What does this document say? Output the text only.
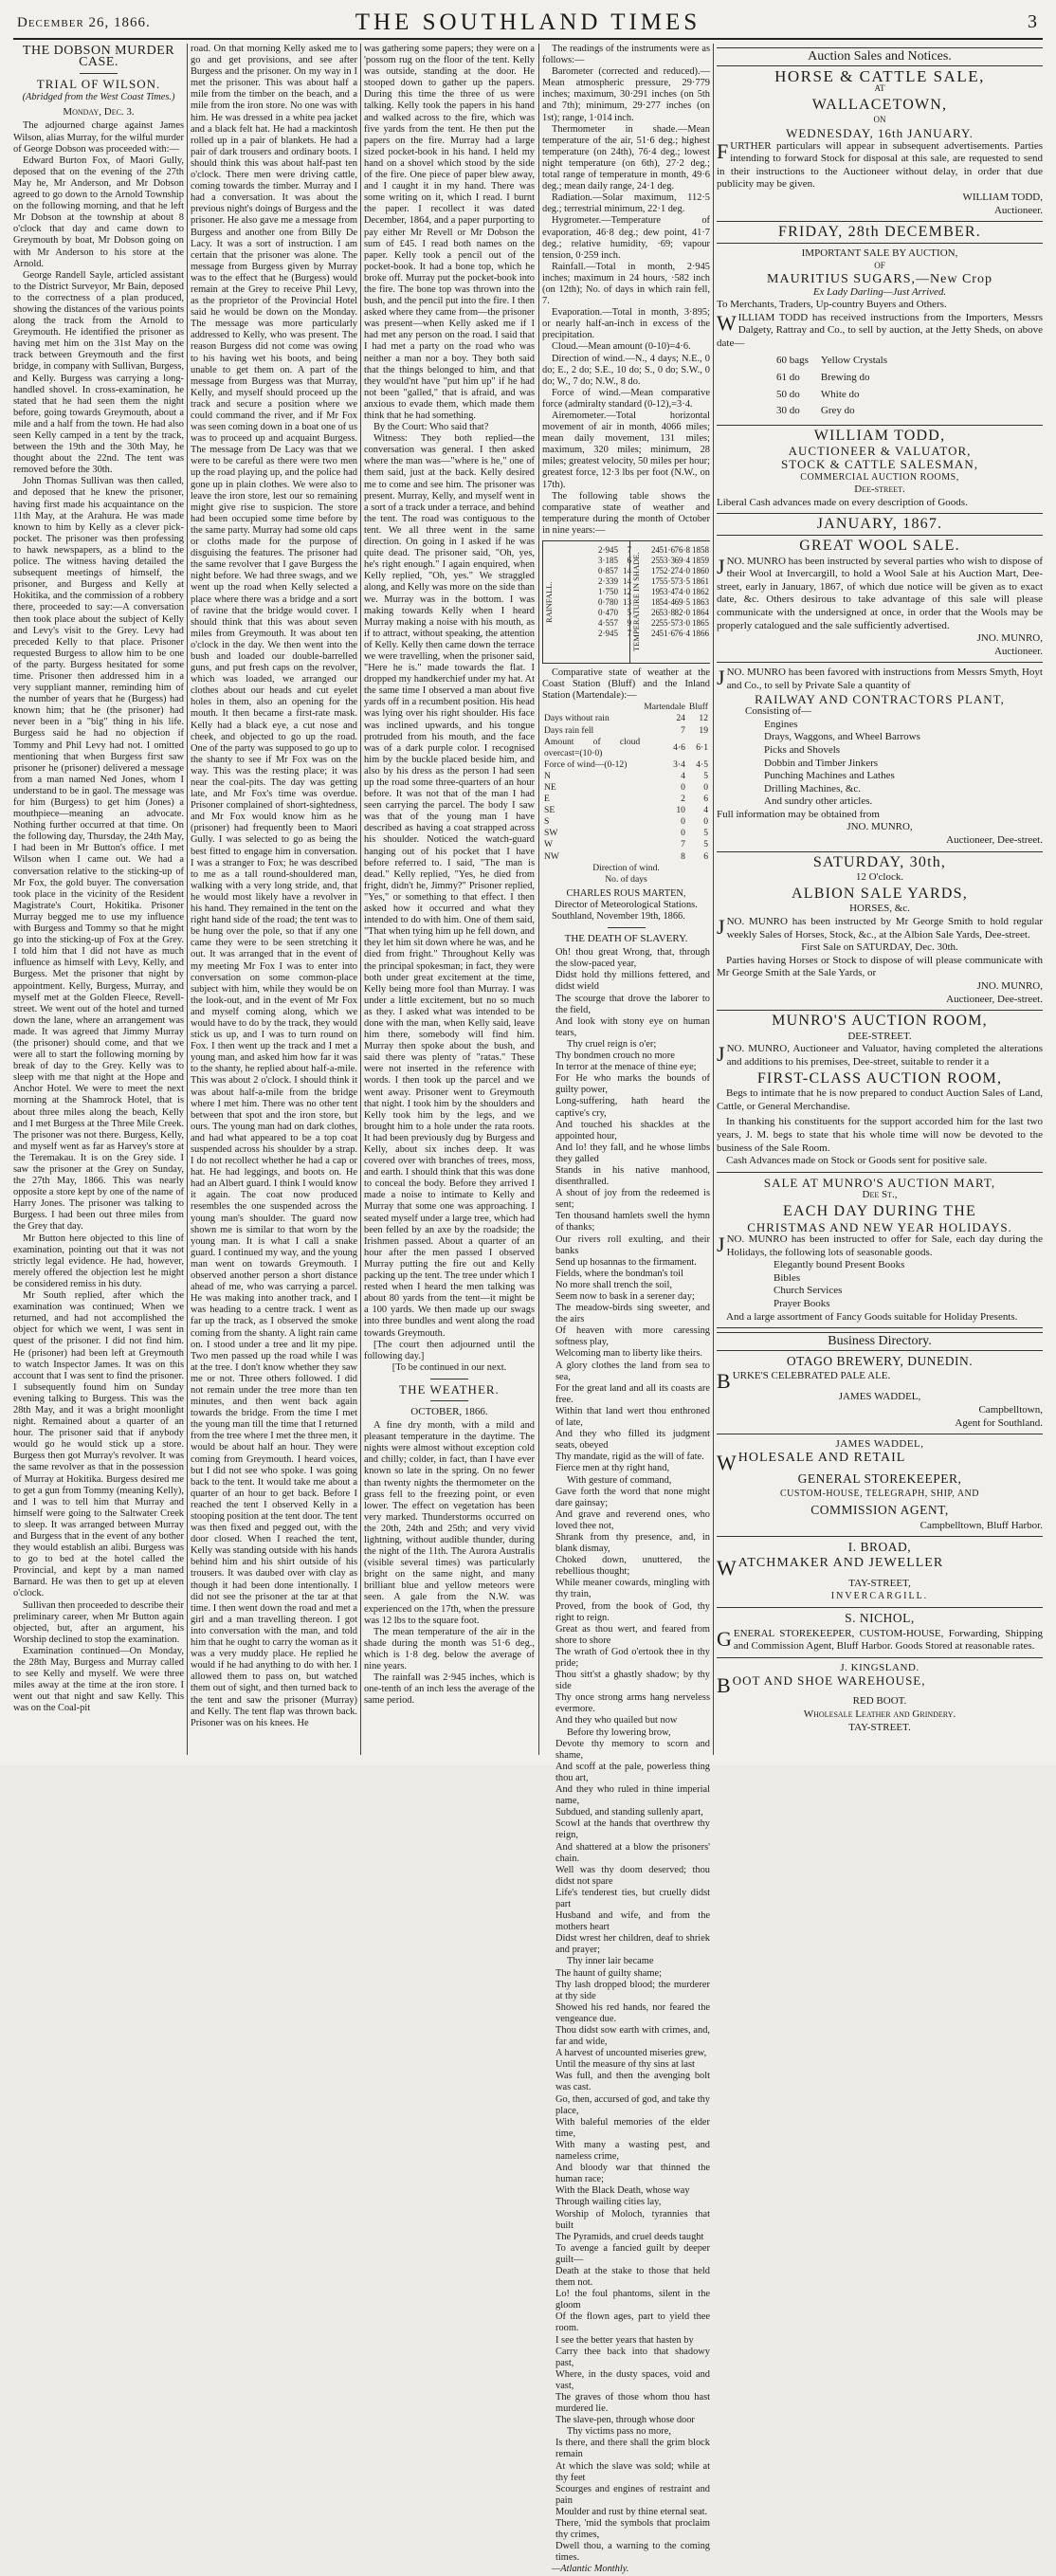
December 26, 1866.	THE SOUTHLAND TIMES	3
THE DOBSON MURDER CASE.
TRIAL OF WILSON.
(Abridged from the West Coast Times.)
Monday, Dec. 3.

The adjourned charge against James Wilson, alias Murray, for the wilful murder of George Dobson was proceeded with:—

Edward Burton Fox, of Maori Gully, deposed that on the evening of the 27th May he, Mr Anderson, and Mr Dobson agreed to go down to the Arnold Township on the following morning, and that he left Mr Dobson at the township at about 8 o'clock that day and came down to Greymouth by boat, Mr Dobson going on with Mr Anderson to his store at the Arnold.

George Randell Sayle, articled assistant to the District Surveyor, Mr Bain, deposed to the correctness of a plan produced, showing the distances of the various points along the track from the Arnold to Greymouth. He identified the prisoner as having met him on the 31st May on the track between Greymouth and the first bridge, in company with Sullivan, Burgess, and Kelly. Burgess was carrying a long-handled shovel. In cross-examination, he stated that he had seen them the night before, going towards Greymouth, about a mile and a half from the town. He had also seen Kelly camped in a tent by the track, between the 19th and the 30th May, he thought about the 22nd. The tent was removed before the 30th.

John Thomas Sullivan was then called, and deposed that he knew the prisoner, having first made his acquaintance on the 11th May, at the Arahura. He was made known to him by Kelly as a clever pick-pocket. The prisoner was then professing to hawk newspapers, as a blind to the police. The witness having detailed the subsequent meetings of himself, the prisoner, and Burgess and Kelly at Hokitika, and the commission of a robbery there, proceeded to say:—A conversation then took place about the subject of Kelly and Levy's visit to the Grey. Levy had preceded Kelly to that place. Prisoner requested Burgess to allow him to be one of the party. Burgess hesitated for some time. Prisoner then addressed him in a very suppliant manner, reminding him of the number of years that he (Burgess) had known him; that he (the prisoner) had never been in a "big" thing in his life. Burgess said he had no objection if Tommy and Phil Levy had not. I omitted mentioning that when Burgess first saw prisoner he (prisoner) delivered a message from a man named Ned Jones, whom I understand to be in gaol. The message was for him (Burgess) to get him (Jones) a mouthpiece—meaning an advocate. Nothing further occurred at that time. On the following day, Thursday, the 24th May, I had been in Mr Button's office. I met Wilson when I came out. We had a conversation relative to the sticking-up of Mr Fox, the gold buyer. The conversation took place in the vicinity of the Resident Magistrate's Court, Hokitika. Prisoner Murray begged me to use my influence with Burgess and Tommy so that he might go into the sticking-up of Fox at the Grey. I told him that I did not have as much influence as himself with Levy, Kelly, and Burgess. Met the prisoner that night by appointment. Kelly, Burgess, Murray, and myself met at the Golden Fleece, Revell-street. We went out of the hotel and turned down the lane, where an arrangement was made. It was agreed that Jimmy Murray (the prisoner) should come, and that we were all to start the following morning by break of day to the Grey. Kelly was to sleep with me that night at the Hope and Anchor Hotel. We were to meet the next morning at the Shamrock Hotel, that is about three miles along the beach, Kelly and I met Burgess at the Three Mile Creek. The prisoner was not there. Burgess, Kelly, and myself went as far as Harvey's store at the Teremakau. It is on the Grey side. I saw the prisoner at the Grey on Sunday, the 27th May, 1866. This was nearly opposite a store kept by one of the name of Harry Jones. The prisoner was talking to Burgess. I had been out three miles from the Grey that day.

Mr Button here objected to this line of examination, pointing out that it was not strictly legal evidence. He had, however, merely offered the objection lest he might be considered remiss in his duty.

Mr South replied, after which the examination was continued; When we returned, and had not accomplished the object for which we went, I was sent in quest of the prisoner. I did not find him. He (prisoner) had been left at Greymouth to watch Inspector James. It was on this account that I was sent to find the prisoner. I subsequently found him on Sunday evening talking to Burgess. This was the 28th May, and it was a bright moonlight night. Remained about a quarter of an hour. The prisoner said that if anybody would go he would stick up a store. Burgess then got Murray's revolver. It was the same revolver as that in the possession of Murray at Hokitika. Burgess desired me to get a gun from Tommy (meaning Kelly), and I was to tell him that Murray and himself were going to the Saltwater Creek to sleep. It was arranged between Murray and Burgess that in the event of any bother they would establish an alibi. Burgess was to go to bed at the hotel called the Provincial, and kept by a man named Barnard. He was then to get up at eleven o'clock.

Sullivan then proceeded to describe their preliminary career, when Mr Button again objected, but, after an argument, his Worship declined to stop the examination.

Examination continued—On Monday, the 28th May, Burgess and Murray called to see Kelly and myself. We were three miles away at the time at the iron store. I went out that night and saw Kelly. This was on the Coal-pit

road. On that morning Kelly asked me to go and get provisions, and see after Burgess and the prisoner. On my way in I met the prisoner. This was about half a mile from the timber on the beach, and a mile from the iron store. No one was with him. He was dressed in a white pea jacket and a black felt hat. He had a mackintosh rolled up in a pair of blankets. He had a pair of dark trousers and ordinary boots. I should think this was about half-past ten o'clock. There men were driving cattle, coming towards the timber. Murray and I had a conversation. It was about the previous night's doings of Burgess and the prisoner. He also gave me a message from Burgess and another one from Billy De Lacy. It was a sort of instruction. I am certain that the prisoner was alone. The message from Burgess given by Murray was to the effect that he (Burgess) would remain at the Grey to receive Phil Levy, as the proprietor of the Provincial Hotel said he would be down on the Monday. The message was more particularly addressed to Kelly, who was present. The reason Burgess did not come was owing to his having wet his boots, and being unable to get them on. A part of the message from Burgess was that Murray, Kelly, and myself should proceed up the track and secure a position where we could command the river, and if Mr Fox was seen coming down in a boat one of us was to proceed up and acquaint Burgess. The message from De Lacy was that we were to be careful as there were two men up the road playing up, and the police had gone up in plain clothes. We were also to leave the iron store, lest our so remaining might give rise to suspicion. The store had been occupied some time before by the same party. Murray had some old caps or cloths made for the purpose of disguising the features. The prisoner had the same revolver that I gave Burgess the night before. We had three swags, and we went up the road when Kelly selected a place where there was a bridge and a sort of ravine that the bridge would cover. I should think that this was about seven miles from Greymouth. It was about ten o'clock in the day. We then went into the bush and loaded our double-barrelled guns, and put fresh caps on the revolver, which was loaded, we arranged our clothes about our heads and cut eyelet holes in them, also an opening for the mouth. It then became a first-rate mask. Kelly had a black eye, a cut nose and cheek, and objected to go up the road. One of the party was supposed to go up to the shanty to see if Mr Fox was on the way. This was the resting place; it was near the coal-pits. The day was getting late, and Mr Fox's time was overdue. Prisoner complained of short-sightedness, and Mr Fox would know him as he (prisoner) had frequently been to Maori Gully. I was selected to go as being the best fitted to engage him in conversation. I was a stranger to Fox; he was described to me as a tall round-shouldered man, walking with a very long stride, and, that he would most likely have a revolver in his hand. They remained in the tent on the right hand side of the road; the tent was to be hung over the pole, so that if any one came they were to be seen stretching it out. It was arranged that in the event of my meeting Mr Fox I was to enter into conversation on some common-place subject with him, while they would be on the look-out, and in the event of Mr Fox and myself coming along, which we would have to do by the track, they would stick us up, and I was to turn round on Fox. I then went up the track and I met a young man, and asked him how far it was to the shanty, he replied about half-a-mile. This was about 2 o'clock. I should think it was about half-a-mile from the bridge where I met him. There was no other tent between that spot and the iron store, but ours. The young man had on dark clothes, and had what appeared to be a top coat suspended across his shoulder by a strap. I do not recollect whether he had a cap or hat. He had leggings, and boots on. He had an Albert guard. I think I would know it again. The coat now produced resembles the one suspended across the young man's shoulder. The guard now shown me is similar to that worn by the young man. It is what I call a snake guard. I continued my way, and the young man went on towards Greymouth. I observed another person a short distance ahead of me, who was carrying a parcel. He was making into another track, and I was heading to a centre track. I went as far up the track, as I observed the smoke coming from the shanty. A light rain came on. I stood under a tree and lit my pipe. Two men passed up the road while I was at the tree. I don't know whether they saw me or not. Three others followed. I did not remain under the tree more than ten minutes, and then went back again towards the bridge. From the time I met the young man till the time that I returned from the tree where I met the three men, it would be about half an hour. They were coming from Greymouth. I heard voices, but I did not see who spoke. I was going back to the tent. It would take me about a quarter of an hour to get back. Before I reached the tent I observed Kelly in a stooping position at the tent door. The tent was then fixed and pegged out, with the door closed. When I reached the tent, Kelly was standing outside with his hands behind him and his shirt outside of his trousers. It was daubed over with clay as though it had been done intentionally. I did not see the prisoner at the tar at that time. I then went down the road and met a girl and a man travelling thereon. I got into conversation with the man, and told him that he ought to carry the woman as it was a very muddy place. He replied he would if he had anything to do with her. I allowed them to pass on, but watched them out of sight, and then turned back to the tent and saw the prisoner (Murray) and Kelly. The tent flap was thrown back. Prisoner was on his knees. He

was gathering some papers; they were on a 'possom rug on the floor of the tent. Kelly was outside, standing at the door. He stooped down to gather up the papers. During this time the three of us were talking. Kelly took the papers in his hand and walked across to the fire, which was five yards from the tent. He then put the papers on the fire. Murray had a large sized pocket-book in his hand. I held my hand on a shovel which stood by the side of the fire. One piece of paper blew away, and I caught it in my hand. There was some writing on it, which I read. I burnt the paper. I recollect it was dated December, 1864, and a paper purporting to pay either Mr Revell or Mr Dobson the sum of £45. I read both names on the paper. Kelly took a pencil out of the pocket-book. It had a bone top, which he broke off. Murray put the pocket-book into the fire. The bone top was thrown into the bush, and the pencil put into the fire. I then asked where they came from—the prisoner was present—when Kelly asked me if I had met any person on the road. I said that I had met a party on the road who was neither a man nor a boy. They both said that the things belonged to him, and that they would'nt have "put him up" if he had not been "galled," that is afraid, and was anxious to evade them, which made them think that he had something.

By the Court: Who said that?

Witness: They both replied—the conversation was general. I then asked where the man was—"where is he," one of them said, just at the back. Kelly desired me to come and see him. The prisoner was present. Murray, Kelly, and myself went in a sort of a track under a terrace, and behind the tent. The road was contiguous to the tent. We all three went in the same direction. On going in I asked if he was quite dead. The prisoner said, "Oh, yes, he's right enough." I again enquired, when Kelly replied, "Oh, yes." We straggled along, and Kelly was more on the side than we. Murray was in the bottom. I was making towards Kelly when I heard Murray making a noise with his mouth, as if to attract, without speaking, the attention of Kelly. Kelly then came down the terrace we were travelling, when the prisoner said, "Here he is." made towards the flat. I dropped my handkerchief under my hat. At the same time I observed a man about five yards off in a recumbent position. His head was lying over his right shoulder. His face was inclined upwards, and his tongue protruded from his mouth, and the face was of a dark purple color. I recognised him by the buckle placed beside him, and also by his dress as the person I had seen up the road some three-quarters of an hour before. It was not that of the man I had seen carrying the parcel. The body I saw was that of the young man I have described as having a coat strapped across his shoulder. Noticed the watch-guard hanging out of his pocket that I have before referred to. I said, "The man is dead." Kelly replied, "Yes, he died from fright, didn't he, Jimmy?" Prisoner replied, "Yes," or something to that effect. I then asked how it occurred and what they intended to do with him. One of them said, "That when tying him up he fell down, and they let him sit down where he was, and he died from fright." Throughout Kelly was the principal spokesman; in fact, they were both under great excitement at the time, Kelly being more fool than Murray. I was under a little excitement, but no so much as they. I asked what was intended to be done with the man, when Kelly said, leave him there, somebody will find him. Murray then spoke about the bush, and said there was plenty of "ratas." These were not inserted in the reference with words. I then took up the parcel and we went away. Prisoner went to Greymouth that night. I took him by the shoulders and Kelly took him by the legs, and we brought him to a hole under the rata roots. It had been previously dug by Burgess and Kelly, about six inches deep. It was covered over with branches of trees, moss, and earth. I should think that this was done to conceal the body. Before they arrived I made a noise to intimate to Kelly and Murray that some one was approaching. I seated myself under a large tree, which had been felled by an axe by the roadside; the Irishmen passed. About a quarter of an hour after the men passed I observed Murray putting the fire out and Kelly packing up the tent. The tree under which I rested when I heard the men talking was about 80 yards from the tent—it might be a 100 yards. We then made up our swags into three bundles and went along the road towards Greymouth.

[The court then adjourned until the following day.]

[To be continued in our next.

THE WEATHER.
OCTOBER, 1866.

A fine dry month, with a mild and pleasant temperature in the daytime. The nights were almost without exception cold and chilly; colder, in fact, than I have ever known so late in the spring. On no fewer than twenty nights the thermometer on the grass fell to the freezing point, or even lower. The effect on vegetation has been very marked. Thunderstorms occurred on the 20th, 24th and 25th; and very vivid lightning, without audible thunder, during the night of the 11th. The Aurora Australis (visible several times) was particularly bright on the same night, and many brilliant blue and yellow meteors were seen. A gale from the N.W. was experienced on the 17th, when the pressure was 12 lbs to the square foot.

The mean temperature of the air in the shade during the month was 51·6 deg., which is 1·8 deg. below the average of nine years.

The rainfall was 2·945 inches, which is one-tenth of an inch less the average of the same period.

The readings of the instruments were as follows:—

Barometer (corrected and reduced).—Mean atmospheric pressure, 29·779 inches; maximum, 30·291 inches (on 5th and 7th); minimum, 29·277 inches (on 1st); range, 1·014 inch.

Thermometer in shade.—Mean temperature of the air, 51·6 deg.; highest temperature (on 24th), 76·4 deg.; lowest night temperature (on 6th), 27·2 deg.; total range of temperature in month, 49·6 deg.; mean daily range, 24·1 deg.

Radiation.—Solar maximum, 112·5 deg.; terrestrial minimum, 22·1 deg.

Hygrometer.—Temperature of evaporation, 46·8 deg.; dew point, 41·7 deg.; relative humidity, ·69; vapour tension, 0·259 inch.

Rainfall.—Total in month, 2·945 inches; maximum in 24 hours, ·582 inch (on 12th); No. of days in which rain fell, 7.

Evaporation.—Total in month, 3·895; or nearly half-an-inch in excess of the precipitation.

Cloud.—Mean amount (0-10)=4·6.

Direction of wind.—N., 4 days; N.E., 0 do; E., 2 do; S.E., 10 do; S., 0 do; S.W., 0 do; W., 7 do; N.W., 8 do.

Force of wind.—Mean comparative force (admiralty standard (0-12),=3·4.

Airemometer.—Total horizontal movement of air in month, 4066 miles; mean daily movement, 131 miles; maximum, 320 miles; minimum, 28 miles; greatest velocity, 50 miles per hour; greatest force, 12·3 lbs per foot (N.W., on 17th).

The following table shows the comparative state of weather and temperature during the month of October in nine years:—

RAINFALL.	TEMPERATURE IN SHADE.
2·945
3·185
0·857
2·339
1·750
0·780
0·470
4·557
2·945
7
6
14
14
12
13
5
9
7
24
25
17
17
19
18
26
22
24
51·6
53·3
52·2
55·5
53·4
54·4
53·8
55·5
51·6
76·8
69·4
74·0
73·5
74·0
69·5
82·0
73·0
76·4
1858
1859
1860
1861
1862
1863
1864
1865
1866

Comparative state of weather at the Coast Station (Bluff) and the Inland Station (Martendale):—

	Martendale	Bluff
Days without rain	24	12
Days rain fell	7	19
Amount of cloud overcast=(10·0)	4·6	6·1
Force of wind—(0-12)	3·4	4·5
N	4	5
NE	0	0
E	2	6
SE	10	4
S	0	0
SW	0	5
W	7	5
NW	8	6

Direction of wind.

No. of days

CHARLES ROUS MARTEN,

Director of Meteorological Stations.

Southland, November 19th, 1866.

THE DEATH OF SLAVERY.

Oh! thou great Wrong, that, through the slow-paced year,

Didst hold thy millions fettered, and didst wield

The scourge that drove the laborer to the field,

And look with stony eye on human tears,

Thy cruel reign is o'er;

Thy bondmen crouch no more

In terror at the menace of thine eye;

For He who marks the bounds of guilty power,

Long-suffering, hath heard the captive's cry,

And touched his shackles at the appointed hour,

And lo! they fall, and he whose limbs they galled

Stands in his native manhood, disenthralled.

A shout of joy from the redeemed is sent;

Ten thousand hamlets swell the hymn of thanks;

Our rivers roll exulting, and their banks

Send up hosannas to the firmament.

Fields, where the bondman's toil

No more shall trench the soil,

Seem now to bask in a serener day;

The meadow-birds sing sweeter, and the airs

Of heaven with more caressing softness play,

Welcoming man to liberty like theirs.

A glory clothes the land from sea to sea,

For the great land and all its coasts are free.

Within that land wert thou enthroned of late,

And they who filled its judgment seats, obeyed

Thy mandate, rigid as the will of fate.

Fierce men at thy right hand,

With gesture of command,

Gave forth the word that none might dare gainsay;

And grave and reverend ones, who loved thee not,

Shrank from thy presence, and, in blank dismay,

Choked down, unuttered, the rebellious thought;

While meaner cowards, mingling with thy train,

Proved, from the book of God, thy right to reign.

Great as thou wert, and feared from shore to shore

The wrath of God o'ertook thee in thy pride;

Thou sitt'st a ghastly shadow; by thy side

Thy once strong arms hang nerveless evermore.

And they who quailed but now

Before thy lowering brow,

Devote thy memory to scorn and shame,

And scoff at the pale, powerless thing thou art,

And they who ruled in thine imperial name,

Subdued, and standing sullenly apart,

Scowl at the hands that overthrew thy reign,

And shattered at a blow the prisoners' chain.

Well was thy doom deserved; thou didst not spare

Life's tenderest ties, but cruelly didst part

Husband and wife, and from the mothers heart

Didst wrest her children, deaf to shriek and prayer;

Thy inner lair became

The haunt of guilty shame;

Thy lash dropped blood; the murderer at thy side

Showed his red hands, nor feared the vengeance due.

Thou didst sow earth with crimes, and, far and wide,

A harvest of uncounted miseries grew,

Until the measure of thy sins at last

Was full, and then the avenging bolt was cast.

Go, then, accursed of god, and take thy place,

With baleful memories of the elder time,

With many a wasting pest, and nameless crime,

And bloody war that thinned the human race;

With the Black Death, whose way

Through wailing cities lay,

Worship of Moloch, tyrannies that built

The Pyramids, and cruel deeds taught

To avenge a fancied guilt by deeper guilt—

Death at the stake to those that held them not.

Lo! the foul phantoms, silent in the gloom

Of the flown ages, part to yield thee room.

I see the better years that hasten by

Carry thee back into that shadowy past,

Where, in the dusty spaces, void and vast,

The graves of those whom thou hast murdered lie.

The slave-pen, through whose door

Thy victims pass no more,

Is there, and there shall the grim block remain

At which the slave was sold; while at thy feet

Scourges and engines of restraint and pain

Moulder and rust by thine eternal seat.

There, 'mid the symbols that proclaim thy crimes,

Dwell thou, a warning to the coming times.

—Atlantic Monthly.

Auction Sales and Notices.
HORSE & CATTLE SALE,

AT

WALLACETOWN,

ON

WEDNESDAY, 16th JANUARY.

FURTHER particulars will appear in subsequent advertisements. Parties intending to forward Stock for disposal at this sale, are requested to send in their instructions to the Auctioneer without delay, in order that due publicity may be given.

WILLIAM TODD,

Auctioneer.

FRIDAY, 28th DECEMBER.

IMPORTANT SALE BY AUCTION,

OF

MAURITIUS SUGARS,—New Crop

Ex Lady Darling—Just Arrived.

To Merchants, Traders, Up-country Buyers and Others.

WILLIAM TODD has received instructions from the Importers, Messrs Dalgety, Rattray and Co., to sell by auction, at the Jetty Sheds, on above date—

60 bags	Yellow Crystals
61 do	Brewing do
50 do	White do
30 do	Grey do
WILLIAM TODD,
AUCTIONEER & VALUATOR,
STOCK & CATTLE SALESMAN,
COMMERCIAL AUCTION ROOMS,

Dee-street.

Liberal Cash advances made on every description of Goods.

JANUARY, 1867.
GREAT WOOL SALE.

JNO. MUNRO has been instructed by several parties who wish to dispose of their Wool at Invercargill, to hold a Wool Sale at his Auction Mart, Dee-street, early in January, 1867, of which due notice will be given as to exact date, &c. Others desirous to take advantage of this sale will please communicate with the undersigned at once, in order that the Wools may be properly catalogued and the sale sufficiently advertised.

JNO. MUNRO,

Auctioneer.

JNO. MUNRO has been favored with instructions from Messrs Smyth, Hoyt and Co., to sell by Private Sale a quantity of

RAILWAY AND CONTRACTORS PLANT,

Consisting of—

Engines

Drays, Waggons, and Wheel Barrows

Picks and Shovels

Dobbin and Timber Jinkers

Punching Machines and Lathes

Drilling Machines, &c.

And sundry other articles.

Full information may be obtained from

JNO. MUNRO,

Auctioneer, Dee-street.

SATURDAY, 30th,

12 O'clock.

ALBION SALE YARDS,

HORSES, &c.

JNO. MUNRO has been instructed by Mr George Smith to hold regular weekly Sales of Horses, Stock, &c., at the Albion Sale Yards, Dee-street.

First Sale on SATURDAY, Dec. 30th.

Parties having Horses or Stock to dispose of will please communicate with Mr George Smith at the Sale Yards, or

JNO. MUNRO,

Auctioneer, Dee-street.

MUNRO'S AUCTION ROOM,

DEE-STREET.

JNO. MUNRO, Auctioneer and Valuator, having completed the alterations and additions to his premises, Dee-street, suitable to render it a

FIRST-CLASS AUCTION ROOM,

Begs to intimate that he is now prepared to conduct Auction Sales of Land, Cattle, or General Merchandise.

In thanking his constituents for the support accorded him for the last two years, J. M. begs to state that his whole time will now be devoted to the business of the Sale Room.

Cash Advances made on Stock or Goods sent for positive sale.

SALE AT MUNRO'S AUCTION MART,

Dee St.,

EACH DAY DURING THE
CHRISTMAS AND NEW YEAR HOLIDAYS.

JNO. MUNRO has been instructed to offer for Sale, each day during the Holidays, the following lots of seasonable goods.

Elegantly bound Present Books

Bibles

Church Services

Prayer Books

And a large assortment of Fancy Goods suitable for Holiday Presents.

Business Directory.
OTAGO BREWERY, DUNEDIN.

BURKE'S CELEBRATED PALE ALE.

JAMES WADDEL,

Campbelltown,

Agent for Southland.

JAMES WADDEL,

WHOLESALE AND RETAIL

GENERAL STOREKEEPER,
CUSTOM-HOUSE, TELEGRAPH, SHIP, AND
COMMISSION AGENT,

Campbelltown, Bluff Harbor.

I. BROAD,

WATCHMAKER AND JEWELLER

TAY-STREET,

INVERCARGILL.

S. NICHOL,

GENERAL STOREKEEPER, CUSTOM-HOUSE, Forwarding, Shipping and Commission Agent, Bluff Harbor. Goods Stored at reasonable rates.

J. KINGSLAND.

BOOT AND SHOE WAREHOUSE,

RED BOOT.

Wholesale Leather and Grindery.

TAY-STREET.
